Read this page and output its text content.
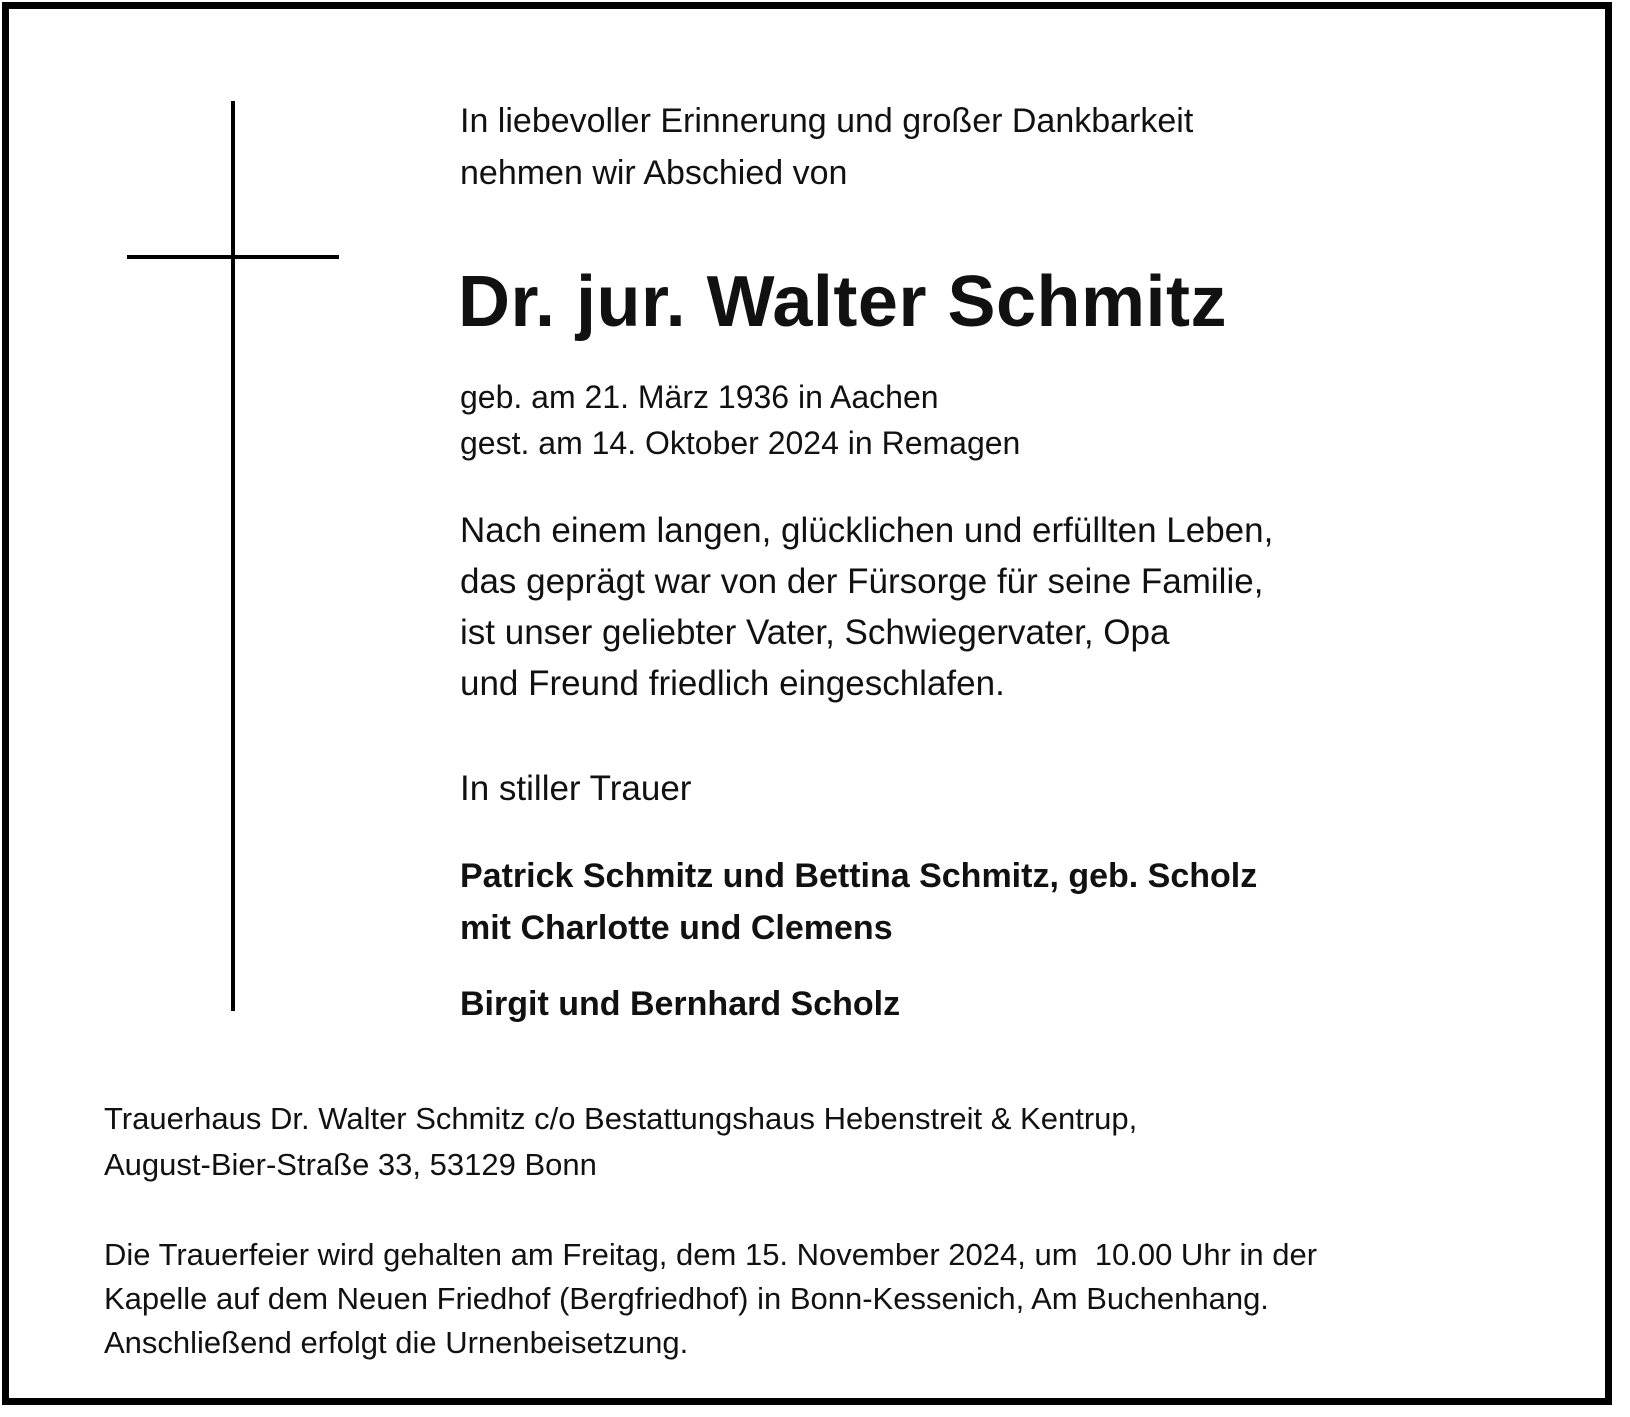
In liebevoller Erinnerung und großer Dankbarkeit
nehmen wir Abschied von
Dr. jur. Walter Schmitz
geb. am 21. März 1936 in Aachen
gest. am 14. Oktober 2024 in Remagen
Nach einem langen, glücklichen und erfüllten Leben,
das geprägt war von der Fürsorge für seine Familie,
ist unser geliebter Vater, Schwiegervater, Opa
und Freund friedlich eingeschlafen.
In stiller Trauer
Patrick Schmitz und Bettina Schmitz, geb. Scholz
mit Charlotte und Clemens
Birgit und Bernhard Scholz
Trauerhaus Dr. Walter Schmitz c/o Bestattungshaus Hebenstreit & Kentrup,
August-Bier-Straße 33, 53129 Bonn
Die Trauerfeier wird gehalten am Freitag, dem 15. November 2024, um  10.00 Uhr in der
Kapelle auf dem Neuen Friedhof (Bergfriedhof) in Bonn-Kessenich, Am Buchenhang.
Anschließend erfolgt die Urnenbeisetzung.
